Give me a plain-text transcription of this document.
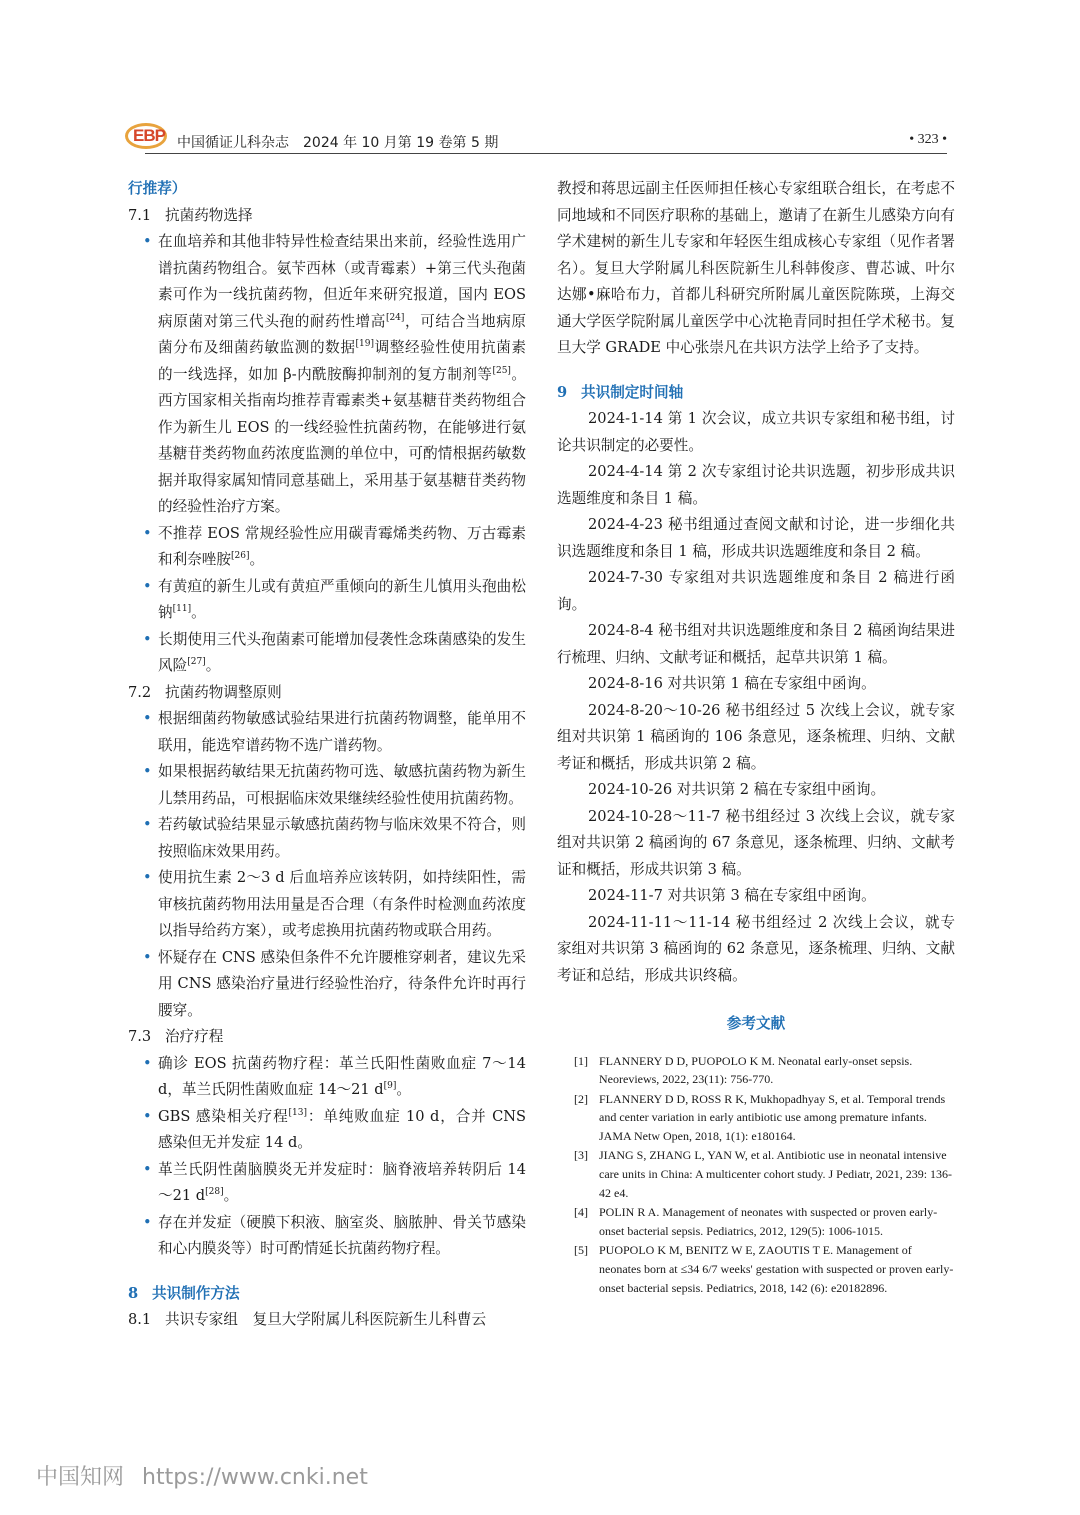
EBP 中国循证儿科杂志　2024 年 10 月第 19 卷第 5 期	• 323 •

行推荐）

7.1 抗菌药物选择

• 在血培养和其他非特异性检查结果出来前，经验性选用广谱抗菌药物组合。氨苄西林（或青霉素）+第三代头孢菌素可作为一线抗菌药物，但近年来研究报道，国内 EOS 病原菌对第三代头孢的耐药性增高[24]，可结合当地病原菌分布及细菌药敏监测的数据[19]调整经验性使用抗菌素的一线选择，如加 β-内酰胺酶抑制剂的复方制剂等[25]。西方国家相关指南均推荐青霉素类+氨基糖苷类药物组合作为新生儿 EOS 的一线经验性抗菌药物，在能够进行氨基糖苷类药物血药浓度监测的单位中，可酌情根据药敏数据并取得家属知情同意基础上，采用基于氨基糖苷类药物的经验性治疗方案。

• 不推荐 EOS 常规经验性应用碳青霉烯类药物、万古霉素和利奈唑胺[26]。

• 有黄疸的新生儿或有黄疸严重倾向的新生儿慎用头孢曲松钠[11]。

• 长期使用三代头孢菌素可能增加侵袭性念珠菌感染的发生风险[27]。

7.2 抗菌药物调整原则

• 根据细菌药物敏感试验结果进行抗菌药物调整，能单用不联用，能选窄谱药物不选广谱药物。

• 如果根据药敏结果无抗菌药物可选、敏感抗菌药物为新生儿禁用药品，可根据临床效果继续经验性使用抗菌药物。

• 若药敏试验结果显示敏感抗菌药物与临床效果不符合，则按照临床效果用药。

• 使用抗生素 2～3 d 后血培养应该转阴，如持续阳性，需审核抗菌药物用法用量是否合理（有条件时检测血药浓度以指导给药方案），或考虑换用抗菌药物或联合用药。

• 怀疑存在 CNS 感染但条件不允许腰椎穿刺者，建议先采用 CNS 感染治疗量进行经验性治疗，待条件允许时再行腰穿。

7.3 治疗疗程

• 确诊 EOS 抗菌药物疗程：革兰氏阳性菌败血症 7～14 d，革兰氏阴性菌败血症 14～21 d[9]。

• GBS 感染相关疗程[13]：单纯败血症 10 d，合并 CNS 感染但无并发症 14 d。

• 革兰氏阴性菌脑膜炎无并发症时：脑脊液培养转阴后 14～21 d[28]。

• 存在并发症（硬膜下积液、脑室炎、脑脓肿、骨关节感染和心内膜炎等）时可酌情延长抗菌药物疗程。

8 共识制作方法

8.1 共识专家组　 复旦大学附属儿科医院新生儿科曹云

教授和蒋思远副主任医师担任核心专家组联合组长，在考虑不同地域和不同医疗职称的基础上，邀请了在新生儿感染方向有学术建树的新生儿专家和年轻医生组成核心专家组（见作者署名）。复旦大学附属儿科医院新生儿科韩俊彦、曹芯诚、叶尔达娜•麻哈布力，首都儿科研究所附属儿童医院陈瑛，上海交通大学医学院附属儿童医学中心沈艳青同时担任学术秘书。复旦大学 GRADE 中心张崇凡在共识方法学上给予了支持。

9 共识制定时间轴

2024-1-14 第 1 次会议，成立共识专家组和秘书组，讨论共识制定的必要性。

2024-4-14 第 2 次专家组讨论共识选题，初步形成共识选题维度和条目 1 稿。

2024-4-23 秘书组通过查阅文献和讨论，进一步细化共识选题维度和条目 1 稿，形成共识选题维度和条目 2 稿。

2024-7-30 专家组对共识选题维度和条目 2 稿进行函询。

2024-8-4 秘书组对共识选题维度和条目 2 稿函询结果进行梳理、归纳、文献考证和概括，起草共识第 1 稿。

2024-8-16 对共识第 1 稿在专家组中函询。

2024-8-20～10-26 秘书组经过 5 次线上会议，就专家组对共识第 1 稿函询的 106 条意见，逐条梳理、归纳、文献考证和概括，形成共识第 2 稿。

2024-10-26 对共识第 2 稿在专家组中函询。

2024-10-28～11-7 秘书组经过 3 次线上会议，就专家组对共识第 2 稿函询的 67 条意见，逐条梳理、归纳、文献考证和概括，形成共识第 3 稿。

2024-11-7 对共识第 3 稿在专家组中函询。

2024-11-11～11-14 秘书组经过 2 次线上会议，就专家组对共识第 3 稿函询的 62 条意见，逐条梳理、归纳、文献考证和总结，形成共识终稿。

参考文献

[1] FLANNERY D D, PUOPOLO K M. Neonatal early-onset sepsis. Neoreviews, 2022, 23(11): 756-770.

[2] FLANNERY D D, ROSS R K, Mukhopadhyay S, et al. Temporal trends and center variation in early antibiotic use among premature infants. JAMA Netw Open, 2018, 1(1): e180164.

[3] JIANG S, ZHANG L, YAN W, et al. Antibiotic use in neonatal intensive care units in China: A multicenter cohort study. J Pediatr, 2021, 239: 136-42 e4.

[4] POLIN R A. Management of neonates with suspected or proven early-onset bacterial sepsis. Pediatrics, 2012, 129(5): 1006-1015.

[5] PUOPOLO K M, BENITZ W E, ZAOUTIS T E. Management of neonates born at ≤34 6/7 weeks' gestation with suspected or proven early-onset bacterial sepsis. Pediatrics, 2018, 142 (6): e20182896.

中国知网 https://www.cnki.net
